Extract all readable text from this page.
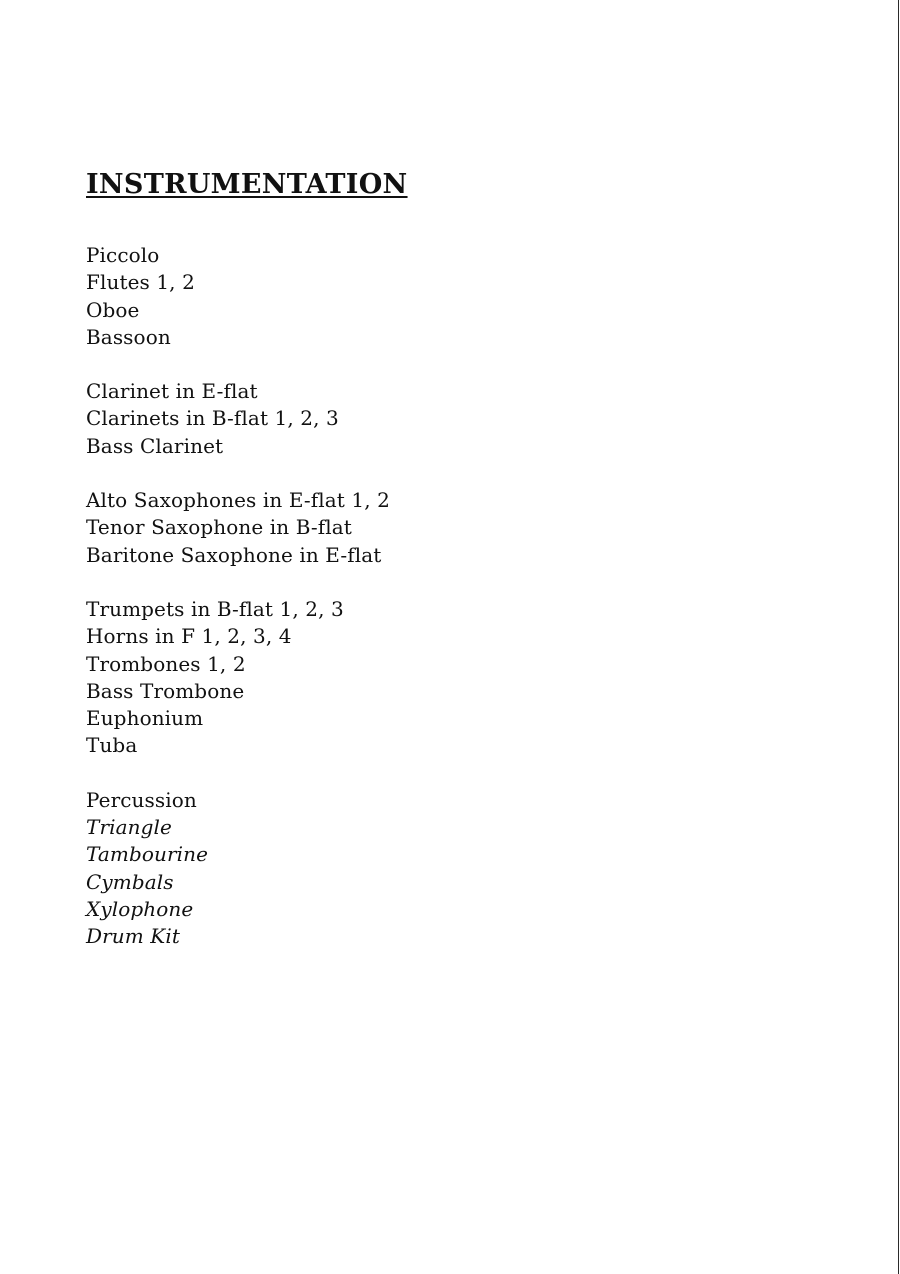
INSTRUMENTATION
Piccolo
Flutes 1, 2
Oboe
Bassoon
Clarinet in E-flat
Clarinets in B-flat 1, 2, 3
Bass Clarinet
Alto Saxophones in E-flat 1, 2
Tenor Saxophone in B-flat
Baritone Saxophone in E-flat
Trumpets in B-flat 1, 2, 3
Horns in F 1, 2, 3, 4
Trombones 1, 2
Bass Trombone
Euphonium
Tuba
Percussion
Triangle
Tambourine
Cymbals
Xylophone
Drum Kit
